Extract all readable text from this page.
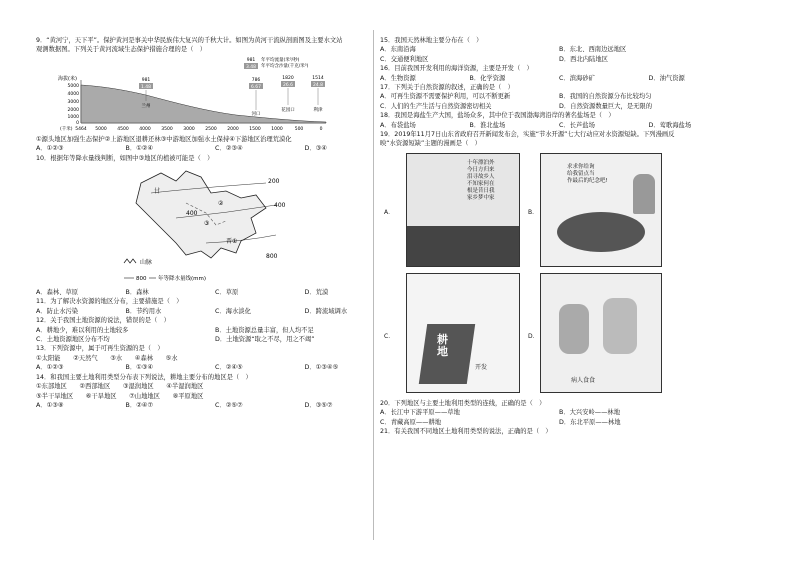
9．“黄河宁，天下平”。保护黄河是事关中华民族伟大复兴的千秋大计。如图为黄河干流纵剖面图及主要水文站
观测数据图。下列关于黄河流域生态保护措施合理的是（　）
海拔(米)
5000
4000
3000
2000
1000
0
5464 5000 4500 4000 3500 3000 2500 2000 1500 1000	500	0
(千米)
年平均流量(米³/秒)
年平均含沙量(千克/米³)
981
3.48
981
1.48
兰州
786
6.67
河口
1820
26.6
花园口
1514
24.8
利津
①源头地区加强生态保护②上游地区退耕还林③中游地区加强水土保持④下游地区治理荒漠化
A．①②③	B．①②④	C．②③④	D．③④
10．根据年等降水量线判断，如图中③地区的植被可能是（　）
甘
②
③
晋①
200
400
400
800
山脉
800 年等降水量线(mm)
A．森林、草原	B．森林	C．草原	D．荒漠
11．为了解决水资源的地区分布，主要措施是（　）
A．防止水污染	B．节约用水	C．海水淡化	D．跨流域调水
12．关于我国土地资源的说法，错误的是（　）
A．耕地少，难以利用的土地较多	B．土地资源总量丰富，但人均不足
C．土地资源地区分布不均	D．土地资源“取之不尽，用之不竭”
13．下列资源中，属于可再生资源的是（　）
①太阳能　　②天然气　　③水　　④森林　　⑤水
A．①②③	B．①③④	C．②④⑤	D．①③④⑤
14．和我国主要土地利用类型分布表下列说法，耕地主要分布的地区是（　）
①东部地区　　②西部地区　　③湿润地区　　④半湿润地区
⑤半干旱地区　　⑥干旱地区　　⑦山地地区　　⑧平原地区
A．①③⑧	B．②④⑦	C．②⑤⑦	D．③⑤⑦
15．我国天然林地主要分布在（　）
A．东南沿海	B．东北、西南边远地区
C．交通便利地区	D．西北内陆地区
16．目前我国开发利用的海洋资源，主要是开发（　）
A．生物资源	B．化学资源	C．滨海砂矿	D．油气资源
17．下列关于自然资源的叙述，正确的是（　）
A．可再生资源不需要保护利用，可以不断更新	B．我国的自然资源分布比较均匀
C．人们的生产生活与自然资源密切相关	D．自然资源数量巨大，是无限的
18．我国是海盐生产大国，盐场众多，其中位于我国渤海湾沿岸的著名盐场是（　）
A．布袋盐场	B．淮北盐场	C．长芦盐场	D．莺歌海盐场
19．2019年11月7日山东省政府召开新闻发布会，实施“节水开源”七大行动应对水资源短缺。下列漫画反
映“水资源短缺”主题的漫画是（　）
A．
十年漂泊外
今日方归来
泪寻故乡人
不知家何在
根是昔日我
家乡梦中家
B．
求求你给询
给我留点当
作最后的纪念吧!
C．	耕
地
开发
D．
病人食食
20．下列地区与主要土地利用类型的连线，正确的是（　）
A．长江中下游平原——草地	B．大兴安岭——林地
C．青藏高原——耕地	D．东北平原——林地
21．有关我国不同地区土地利用类型的说法，正确的是（　）
